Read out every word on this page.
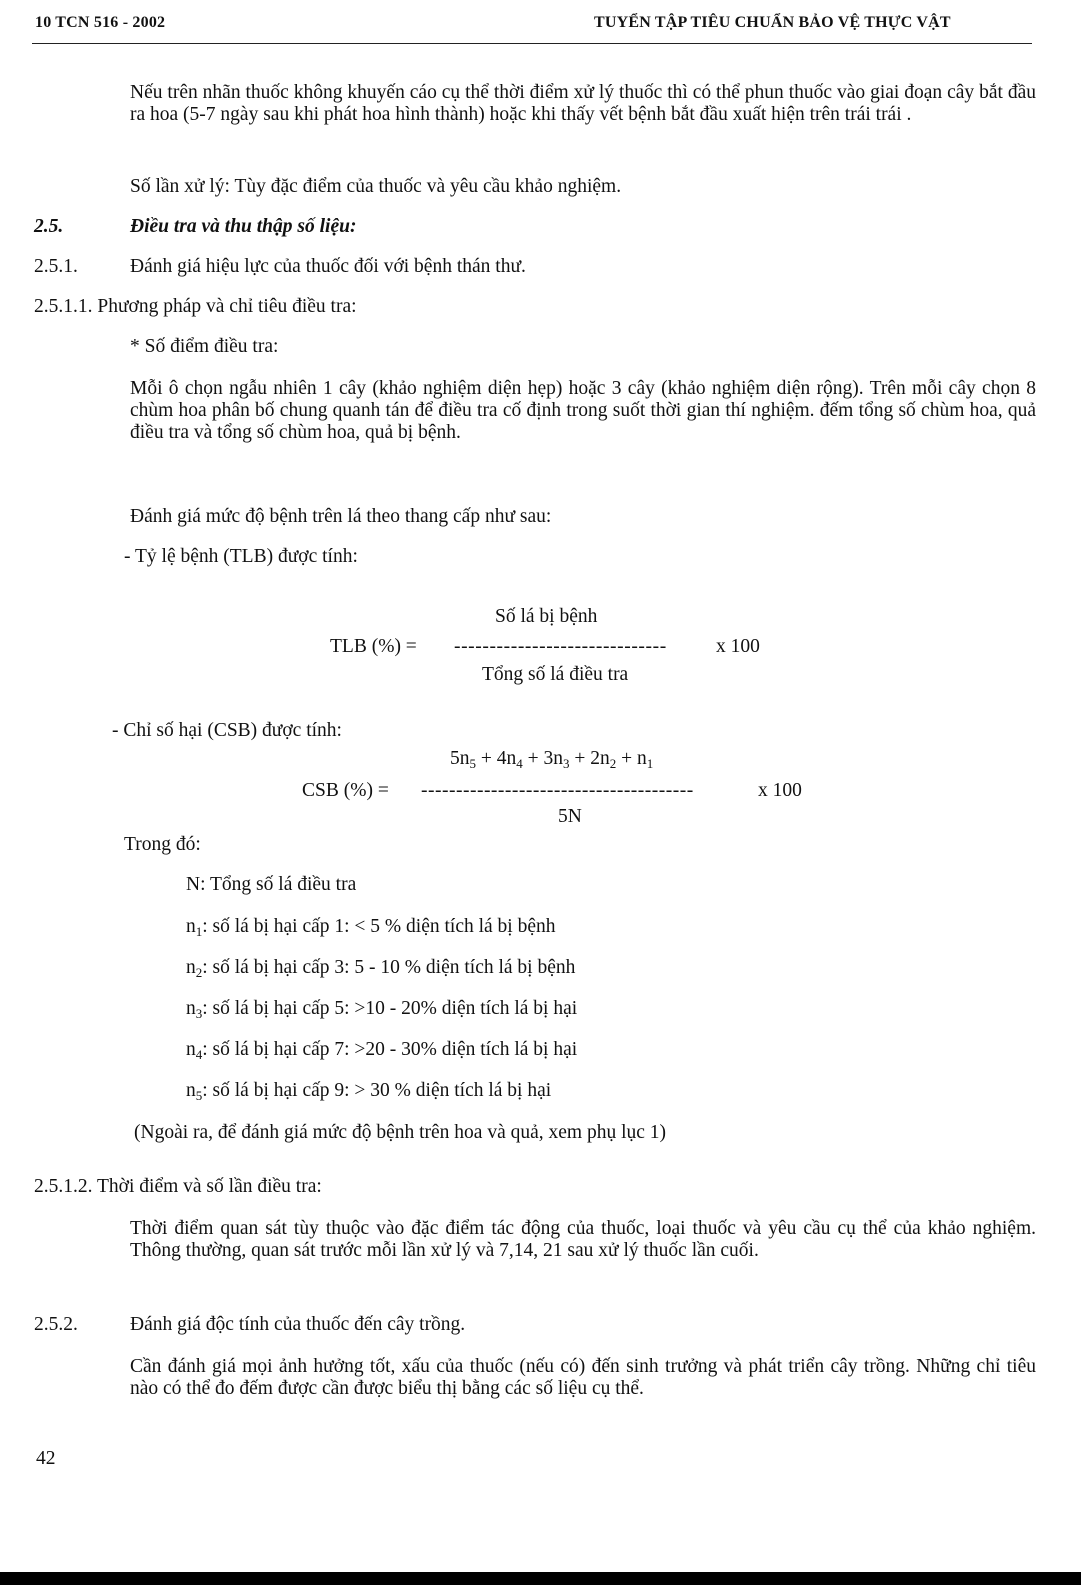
10 TCN 516 - 2002	TUYỂN TẬP TIÊU CHUẨN BẢO VỆ THỰC VẬT
Nếu trên nhãn thuốc không khuyến cáo cụ thể thời điểm xử lý thuốc thì có thể phun thuốc vào giai đoạn cây bắt đầu ra hoa (5-7 ngày sau khi phát hoa hình thành) hoặc khi thấy vết bệnh bắt đầu xuất hiện trên trái trái .
Số lần xử lý: Tùy đặc điểm của thuốc và yêu cầu khảo nghiệm.
2.5.	Điều tra và thu thập số liệu:
2.5.1.	Đánh giá hiệu lực của thuốc đối với bệnh thán thư.
2.5.1.1. Phương pháp và chỉ tiêu điều tra:
* Số điểm điều tra:
Mỗi ô chọn ngẫu nhiên 1 cây (khảo nghiệm diện hẹp) hoặc 3 cây (khảo nghiệm diện rộng). Trên mỗi cây chọn 8 chùm hoa phân bố chung quanh tán để điều tra cố định trong suốt thời gian thí nghiệm. đếm tổng số chùm hoa, quả điều tra và tổng số chùm hoa, quả bị bệnh.
Đánh giá mức độ bệnh trên lá theo thang cấp như sau:
- Tỷ lệ bệnh (TLB) được tính:
Số lá bị bệnh
TLB (%) = ------------------------------	x 100
Tổng số lá điều tra
- Chỉ số hại (CSB) được tính:
$5n_5 + 4n_4 + 3n_3 + 2n_2 + n_1$
CSB (%) = ---------------------------------------	x 100
5N
Trong đó:
N: Tổng số lá điều tra
$n_1$: số lá bị hại cấp 1: < 5 % diện tích lá bị bệnh
$n_2$: số lá bị hại cấp 3: 5 - 10 % diện tích lá bị bệnh
$n_3$: số lá bị hại cấp 5: >10 - 20% diện tích lá bị hại
$n_4$: số lá bị hại cấp 7: >20 - 30% diện tích lá bị hại
$n_5$: số lá bị hại cấp 9: > 30 % diện tích lá bị hại
(Ngoài ra, để đánh giá mức độ bệnh trên hoa và quả, xem phụ lục 1)
2.5.1.2. Thời điểm và số lần điều tra:
Thời điểm quan sát tùy thuộc vào đặc điểm tác động của thuốc, loại thuốc và yêu cầu cụ thể của khảo nghiệm. Thông thường, quan sát trước mỗi lần xử lý và 7,14, 21 sau xử lý thuốc lần cuối.
2.5.2.	Đánh giá độc tính của thuốc đến cây trồng.
Cần đánh giá mọi ảnh hưởng tốt, xấu của thuốc (nếu có) đến sinh trưởng và phát triển cây trồng. Những chỉ tiêu nào có thể đo đếm được cần được biểu thị bằng các số liệu cụ thể.
42
